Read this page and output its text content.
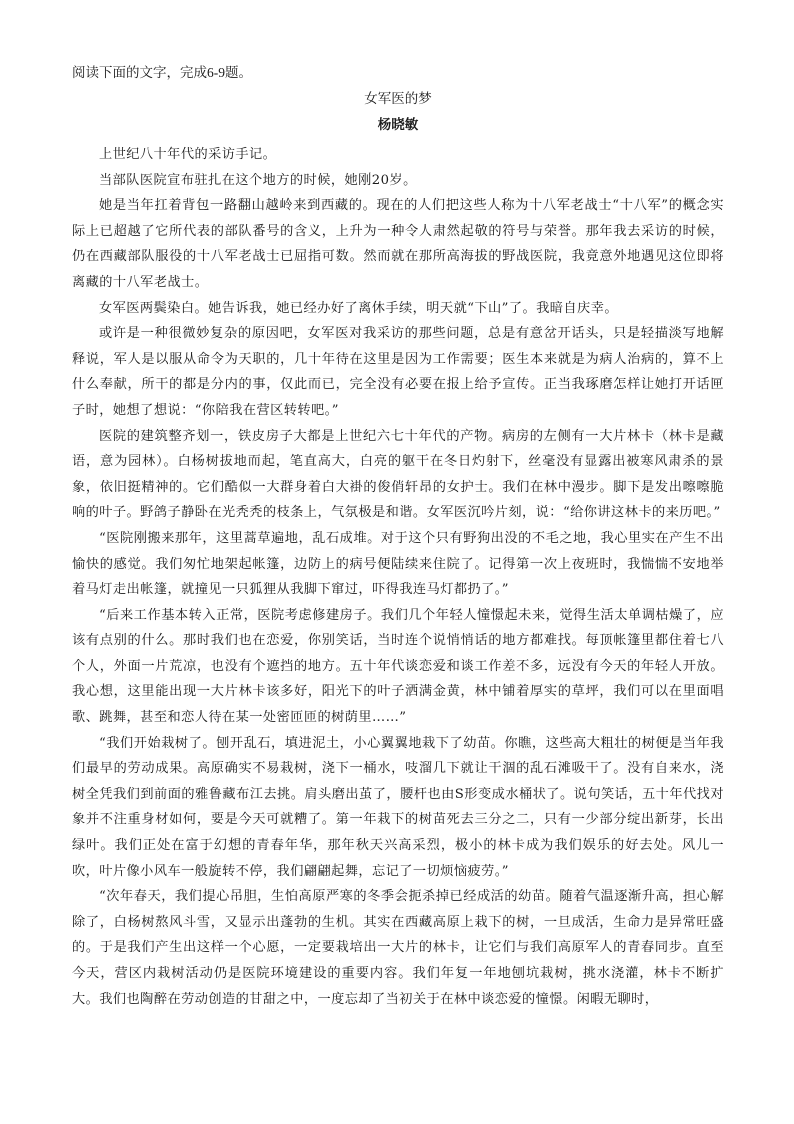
阅读下面的文字，完成6-9题。

女军医的梦
杨晓敏

上世纪八十年代的采访手记。

当部队医院宣布驻扎在这个地方的时候，她刚20岁。

她是当年扛着背包一路翻山越岭来到西藏的。现在的人们把这些人称为十八军老战士“十八军”的概念实际上已超越了它所代表的部队番号的含义，上升为一种令人肃然起敬的符号与荣誉。那年我去采访的时候，仍在西藏部队服役的十八军老战士已屈指可数。然而就在那所高海拔的野战医院，我竟意外地遇见这位即将离藏的十八军老战士。

女军医两鬓染白。她告诉我，她已经办好了离休手续，明天就“下山”了。我暗自庆幸。

或许是一种很微妙复杂的原因吧，女军医对我采访的那些问题，总是有意岔开话头，只是轻描淡写地解释说，军人是以服从命令为天职的，几十年待在这里是因为工作需要；医生本来就是为病人治病的，算不上什么奉献，所干的都是分内的事，仅此而已，完全没有必要在报上给予宣传。正当我琢磨怎样让她打开话匣子时，她想了想说：“你陪我在营区转转吧。”

医院的建筑整齐划一，铁皮房子大都是上世纪六七十年代的产物。病房的左侧有一大片林卡（林卡是藏语，意为园林）。白杨树拔地而起，笔直高大，白亮的躯干在冬日灼射下，丝毫没有显露出被寒风肃杀的景象，依旧挺精神的。它们酷似一大群身着白大褂的俊俏轩昂的女护士。我们在林中漫步。脚下是发出嚓嚓脆响的叶子。野鸽子静卧在光秃秃的枝条上，气氛极是和谐。女军医沉吟片刻，说：“给你讲这林卡的来历吧。”

“医院刚搬来那年，这里蒿草遍地，乱石成堆。对于这个只有野狗出没的不毛之地，我心里实在产生不出愉快的感觉。我们匆忙地架起帐篷，边防上的病号便陆续来住院了。记得第一次上夜班时，我惴惴不安地举着马灯走出帐篷，就撞见一只狐狸从我脚下窜过，吓得我连马灯都扔了。”

“后来工作基本转入正常，医院考虑修建房子。我们几个年轻人憧憬起未来，觉得生活太单调枯燥了，应该有点别的什么。那时我们也在恋爱，你别笑话，当时连个说悄悄话的地方都难找。每顶帐篷里都住着七八个人，外面一片荒凉，也没有个遮挡的地方。五十年代谈恋爱和谈工作差不多，远没有今天的年轻人开放。我心想，这里能出现一大片林卡该多好，阳光下的叶子洒满金黄，林中铺着厚实的草坪，我们可以在里面唱歌、跳舞，甚至和恋人待在某一处密匝匝的树荫里……”

“我们开始栽树了。刨开乱石，填进泥土，小心翼翼地栽下了幼苗。你瞧，这些高大粗壮的树便是当年我们最早的劳动成果。高原确实不易栽树，浇下一桶水，吱溜几下就让干涸的乱石滩吸干了。没有自来水，浇树全凭我们到前面的雅鲁藏布江去挑。肩头磨出茧了，腰杆也由S形变成水桶状了。说句笑话，五十年代找对象并不注重身材如何，要是今天可就糟了。第一年栽下的树苗死去三分之二，只有一少部分绽出新芽，长出绿叶。我们正处在富于幻想的青春年华，那年秋天兴高采烈，极小的林卡成为我们娱乐的好去处。风儿一吹，叶片像小风车一般旋转不停，我们翩翩起舞，忘记了一切烦恼疲劳。”

“次年春天，我们提心吊胆，生怕高原严寒的冬季会扼杀掉已经成活的幼苗。随着气温逐渐升高，担心解除了，白杨树熬风斗雪，又显示出蓬勃的生机。其实在西藏高原上栽下的树，一旦成活，生命力是异常旺盛的。于是我们产生出这样一个心愿，一定要栽培出一大片的林卡，让它们与我们高原军人的青春同步。直至今天，营区内栽树活动仍是医院环境建设的重要内容。我们年复一年地刨坑栽树，挑水浇灌，林卡不断扩大。我们也陶醉在劳动创造的甘甜之中，一度忘却了当初关于在林中谈恋爱的憧憬。闲暇无聊时，
